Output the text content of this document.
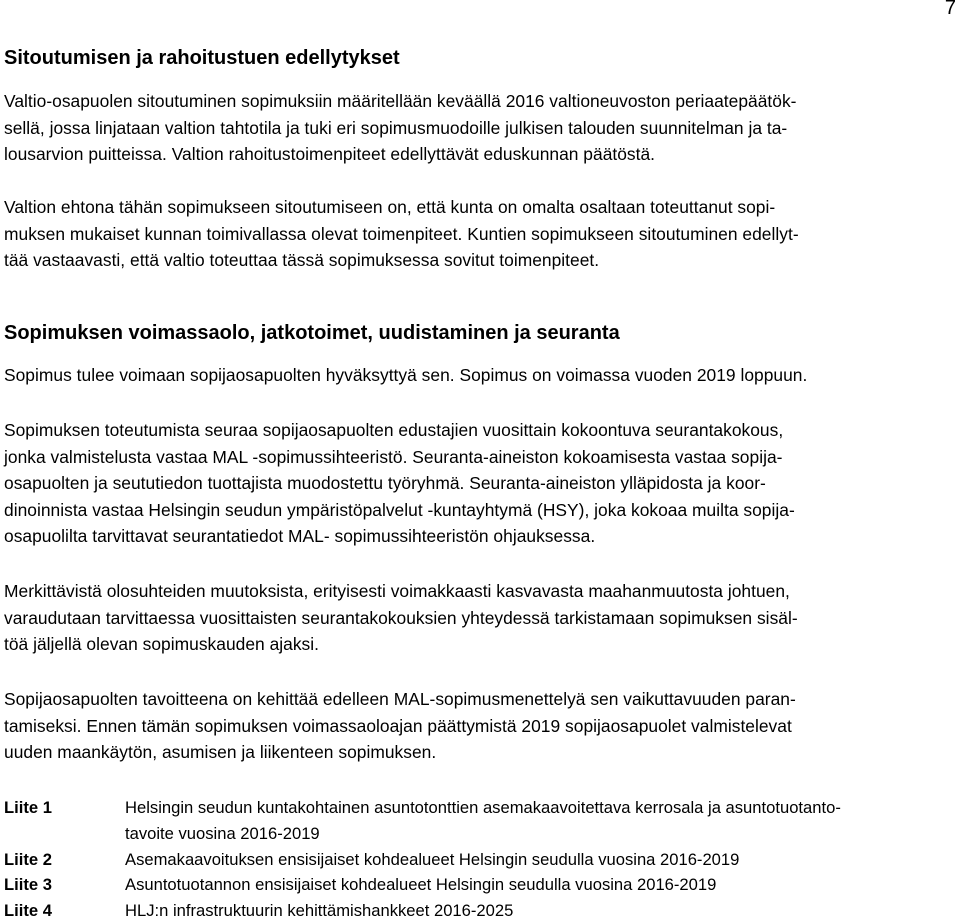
7
Sitoutumisen ja rahoitustuen edellytykset
Valtio-osapuolen sitoutuminen sopimuksiin määritellään keväällä 2016 valtioneuvoston periaatepäätök-
sellä, jossa linjataan valtion tahtotila ja tuki eri sopimusmuodoille julkisen talouden suunnitelman ja ta-
lousarvion puitteissa. Valtion rahoitustoimenpiteet edellyttävät eduskunnan päätöstä.
Valtion ehtona tähän sopimukseen sitoutumiseen on, että kunta on omalta osaltaan toteuttanut sopi-
muksen mukaiset kunnan toimivallassa olevat toimenpiteet. Kuntien sopimukseen sitoutuminen edellyt-
tää vastaavasti, että valtio toteuttaa tässä sopimuksessa sovitut toimenpiteet.
Sopimuksen voimassaolo, jatkotoimet, uudistaminen ja seuranta
Sopimus tulee voimaan sopijaosapuolten hyväksyttyä sen. Sopimus on voimassa vuoden 2019 loppuun.
Sopimuksen toteutumista seuraa sopijaosapuolten edustajien vuosittain kokoontuva seurantakokous,
jonka valmistelusta vastaa MAL -sopimussihteeristö. Seuranta-aineiston kokoamisesta vastaa sopija-
osapuolten ja seututiedon tuottajista muodostettu työryhmä. Seuranta-aineiston ylläpidosta ja koor-
dinoinnista vastaa Helsingin seudun ympäristöpalvelut -kuntayhtymä (HSY), joka kokoaa muilta sopija-
osapuolilta tarvittavat seurantatiedot MAL- sopimussihteeristön ohjauksessa.
Merkittävistä olosuhteiden muutoksista, erityisesti voimakkaasti kasvavasta maahanmuutosta johtuen,
varaudutaan tarvittaessa vuosittaisten seurantakokouksien yhteydessä tarkistamaan sopimuksen sisäl-
töä jäljellä olevan sopimuskauden ajaksi.
Sopijaosapuolten tavoitteena on kehittää edelleen MAL-sopimusmenettelyä sen vaikuttavuuden paran-
tamiseksi. Ennen tämän sopimuksen voimassaoloajan päättymistä 2019 sopijaosapuolet valmistelevat
uuden maankäytön, asumisen ja liikenteen sopimuksen.
Liite 1	Helsingin seudun kuntakohtainen asuntotonttien asemakaavoitettava kerrosala ja asuntotuotanto-
tavoite vuosina 2016-2019
Liite 2	Asemakaavoituksen ensisijaiset kohdealueet Helsingin seudulla vuosina 2016-2019
Liite 3	Asuntotuotannon ensisijaiset kohdealueet Helsingin seudulla vuosina 2016-2019
Liite 4	HLJ:n infrastruktuurin kehittämishankkeet 2016-2025
